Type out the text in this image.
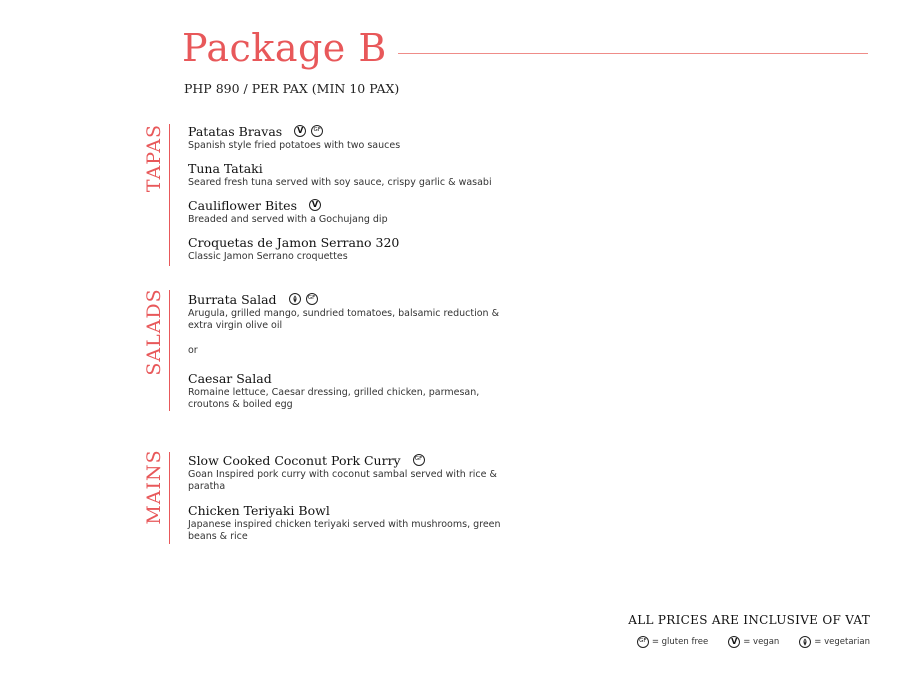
Package B
PHP 890 / PER PAX (MIN 10 PAX)
TAPAS Patatas Bravas	V	GF
Spanish style fried potatoes with two sauces
Tuna Tataki
Seared fresh tuna served with soy sauce, crispy garlic & wasabi
Cauliflower Bites	V
Breaded and served with a Gochujang dip
Croquetas de Jamon Serrano 320
Classic Jamon Serrano croquettes
SALADS Burrata Salad	GF
Arugula, grilled mango, sundried tomatoes, balsamic reduction & extra virgin olive oil
or
Caesar Salad
Romaine lettuce, Caesar dressing, grilled chicken, parmesan, croutons & boiled egg
MAINS Slow Cooked Coconut Pork Curry	GF
Goan Inspired pork curry with coconut sambal served with rice & paratha
Chicken Teriyaki Bowl
Japanese inspired chicken teriyaki served with mushrooms, green beans & rice
ALL PRICES ARE INCLUSIVE OF VAT
GF = gluten free	V = vegan	= vegetarian
